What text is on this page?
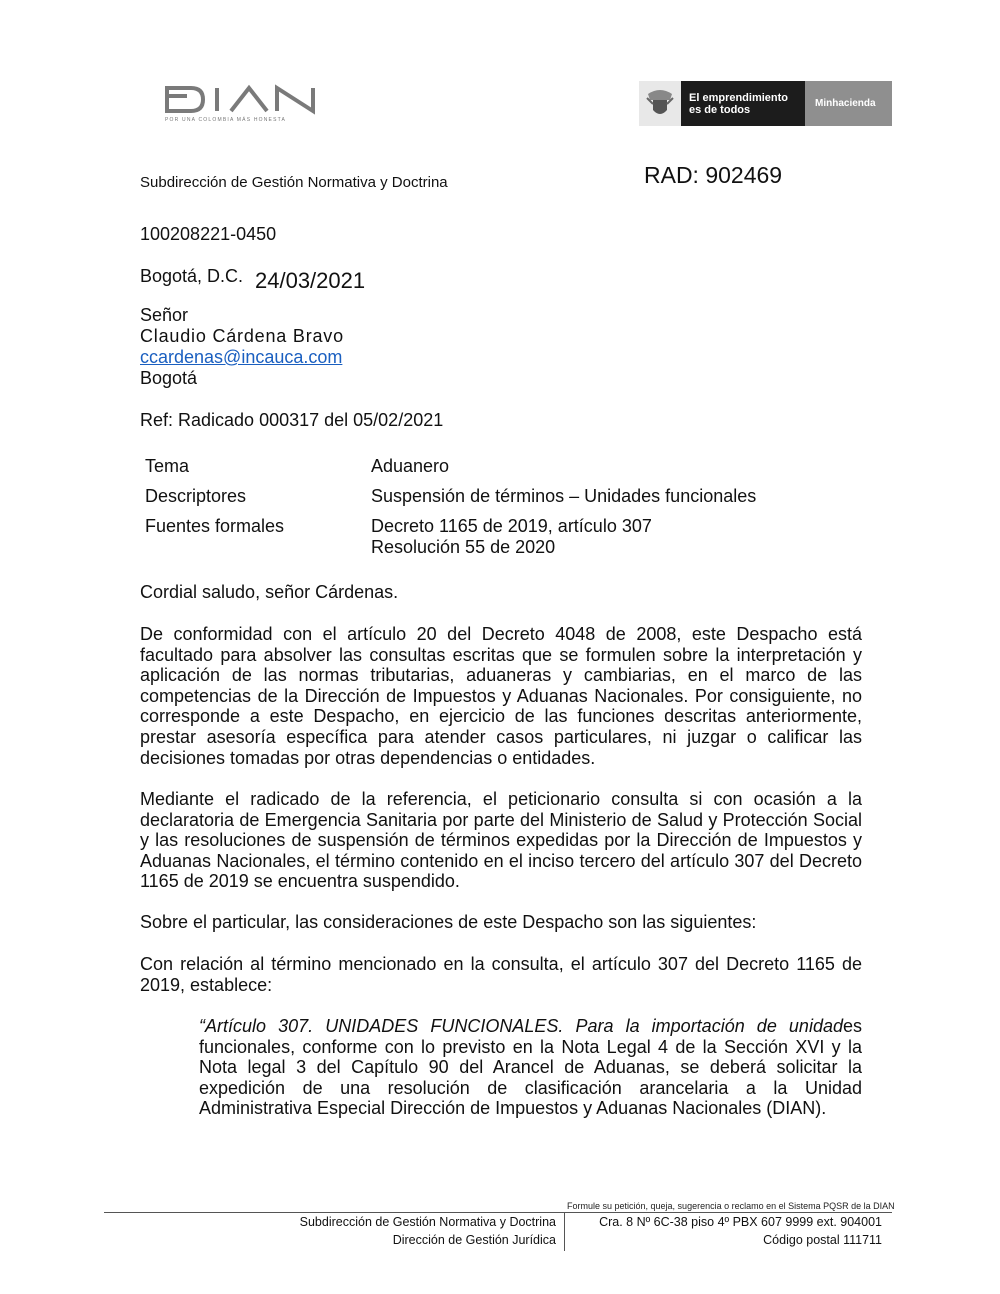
POR UNA COLOMBIA MÁS HONESTA
El emprendimiento
es de todos
Minhacienda
Subdirección de Gestión Normativa y Doctrina	RAD: 902469
100208221-0450
Bogotá, D.C. 24/03/2021
Señor
Claudio Cárdena Bravo
ccardenas@incauca.com
Bogotá
Ref: Radicado 000317 del 05/02/2021
Tema	Aduanero
Descriptores	Suspensión de términos – Unidades funcionales
Fuentes formales	Decreto 1165 de 2019, artículo 307
Resolución 55 de 2020
Cordial saludo, señor Cárdenas.
De conformidad con el artículo 20 del Decreto 4048 de 2008, este Despacho está facultado para absolver las consultas escritas que se formulen sobre la interpretación y aplicación de las normas tributarias, aduaneras y cambiarias, en el marco de las competencias de la Dirección de Impuestos y Aduanas Nacionales. Por consiguiente, no corresponde a este Despacho, en ejercicio de las funciones descritas anteriormente, prestar asesoría específica para atender casos particulares, ni juzgar o calificar las decisiones tomadas por otras dependencias o entidades.
Mediante el radicado de la referencia, el peticionario consulta si con ocasión a la declaratoria de Emergencia Sanitaria por parte del Ministerio de Salud y Protección Social y las resoluciones de suspensión de términos expedidas por la Dirección de Impuestos y Aduanas Nacionales, el término contenido en el inciso tercero del artículo 307 del Decreto 1165 de 2019 se encuentra suspendido.
Sobre el particular, las consideraciones de este Despacho son las siguientes:
Con relación al término mencionado en la consulta, el artículo 307 del Decreto 1165 de 2019, establece:
“Artículo 307. UNIDADES FUNCIONALES. Para la importación de unidades funcionales, conforme con lo previsto en la Nota Legal 4 de la Sección XVI y la Nota legal 3 del Capítulo 90 del Arancel de Aduanas, se deberá solicitar la expedición de una resolución de clasificación arancelaria a la Unidad Administrativa Especial Dirección de Impuestos y Aduanas Nacionales (DIAN).
Formule su petición, queja, sugerencia o reclamo en el Sistema PQSR de la DIAN
Subdirección de Gestión Normativa y Doctrina
Dirección de Gestión Jurídica
Cra. 8 Nº 6C-38 piso 4º PBX 607 9999 ext. 904001
Código postal 111711
